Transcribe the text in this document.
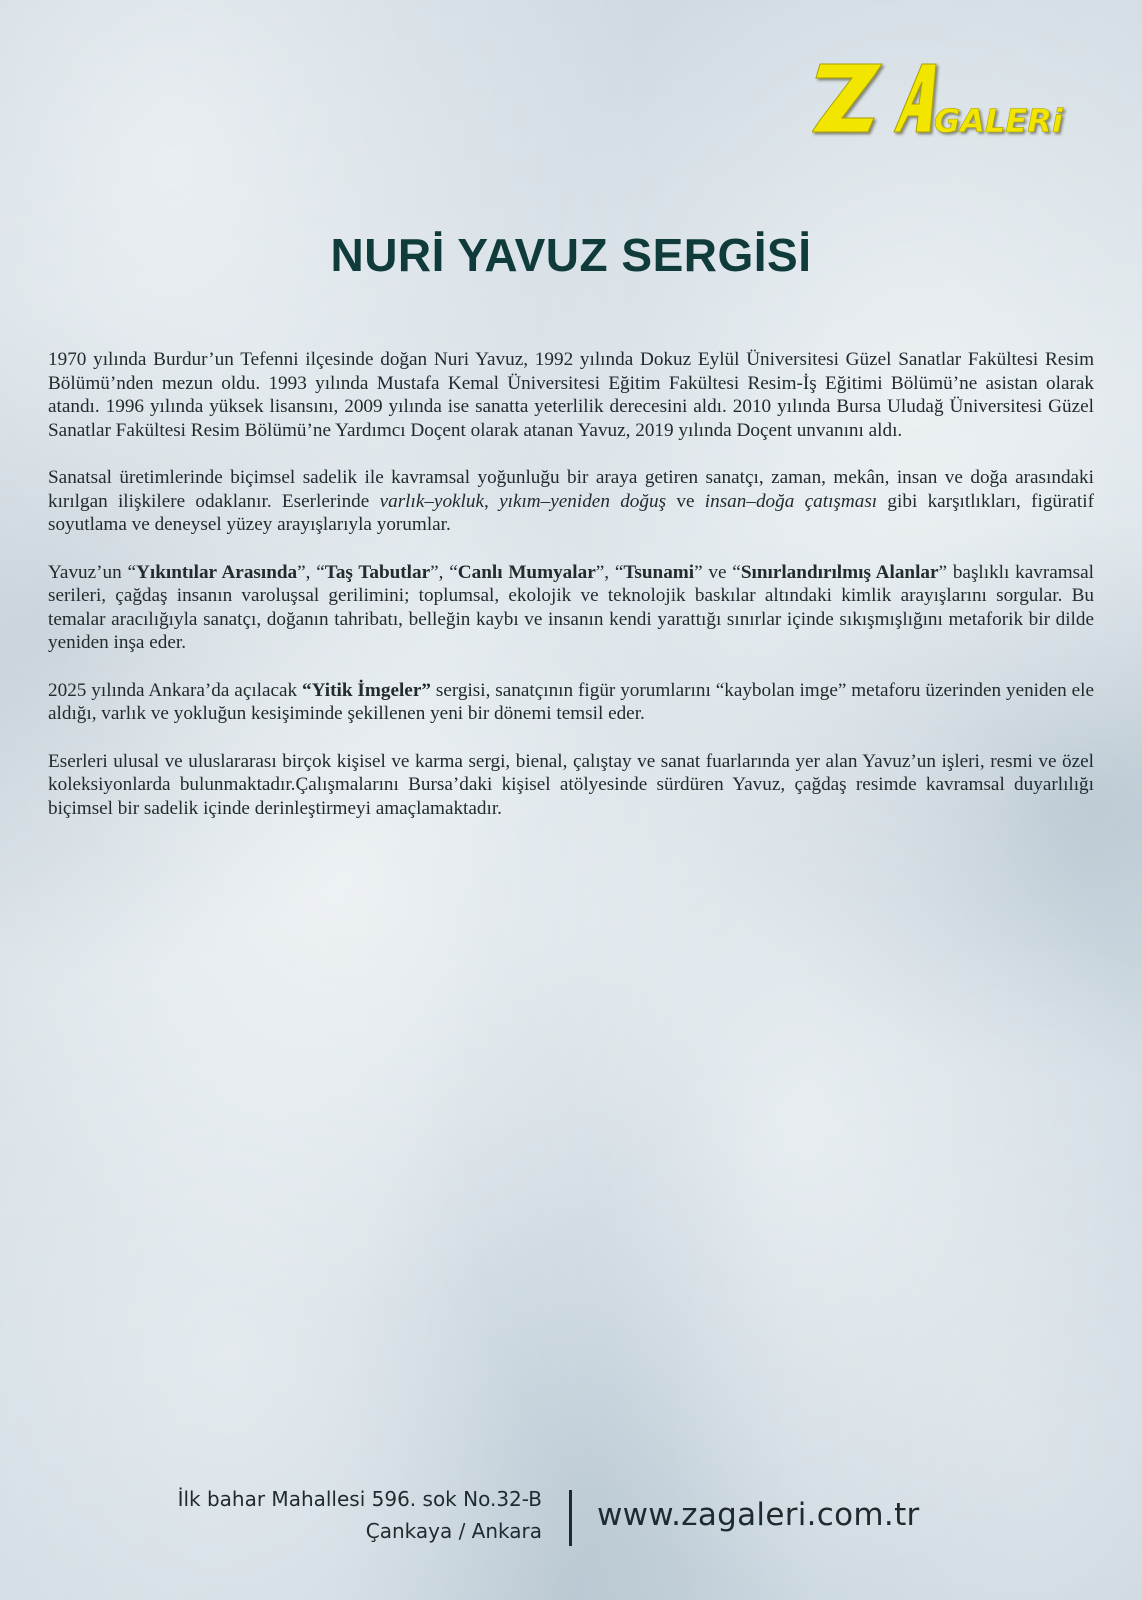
GALERi
NURİ YAVUZ SERGİSİ

1970 yılında Burdur’un Tefenni ilçesinde doğan Nuri Yavuz, 1992 yılında Dokuz Eylül Üniversitesi Güzel Sanatlar Fakültesi Resim Bölümü’nden mezun oldu. 1993 yılında Mustafa Kemal Üniversitesi Eğitim Fakültesi Resim-İş Eğitimi Bölümü’ne asistan olarak atandı. 1996 yılında yüksek lisansını, 2009 yılında ise sanatta yeterlilik derecesini aldı. 2010 yılında Bursa Uludağ Üniversitesi Güzel Sanatlar Fakültesi Resim Bölümü’ne Yardımcı Doçent olarak atanan Yavuz, 2019 yılında Doçent unvanını aldı.

Sanatsal üretimlerinde biçimsel sadelik ile kavramsal yoğunluğu bir araya getiren sanatçı, zaman, mekân, insan ve doğa arasındaki kırılgan ilişkilere odaklanır. Eserlerinde varlık–yokluk, yıkım–yeniden doğuş ve insan–doğa çatışması gibi karşıtlıkları, figüratif soyutlama ve deneysel yüzey arayışlarıyla yorumlar.

Yavuz’un “Yıkıntılar Arasında”, “Taş Tabutlar”, “Canlı Mumyalar”, “Tsunami” ve “Sınırlandırılmış Alanlar” başlıklı kavramsal serileri, çağdaş insanın varoluşsal gerilimini; toplumsal, ekolojik ve teknolojik baskılar altındaki kimlik arayışlarını sorgular. Bu temalar aracılığıyla sanatçı, doğanın tahribatı, belleğin kaybı ve insanın kendi yarattığı sınırlar içinde sıkışmışlığını metaforik bir dilde yeniden inşa eder.

2025 yılında Ankara’da açılacak “Yitik İmgeler” sergisi, sanatçının figür yorumlarını “kaybolan imge” metaforu üzerinden yeniden ele aldığı, varlık ve yokluğun kesişiminde şekillenen yeni bir dönemi temsil eder.

Eserleri ulusal ve uluslararası birçok kişisel ve karma sergi, bienal, çalıştay ve sanat fuarlarında yer alan Yavuz’un işleri, resmi ve özel koleksiyonlarda bulunmaktadır.Çalışmalarını Bursa’daki kişisel atölyesinde sürdüren Yavuz, çağdaş resimde kavramsal duyarlılığı biçimsel bir sadelik içinde derinleştirmeyi amaçlamaktadır.

İlk bahar Mahallesi 596. sok No.32-B
Çankaya / Ankara www.zagaleri.com.tr
